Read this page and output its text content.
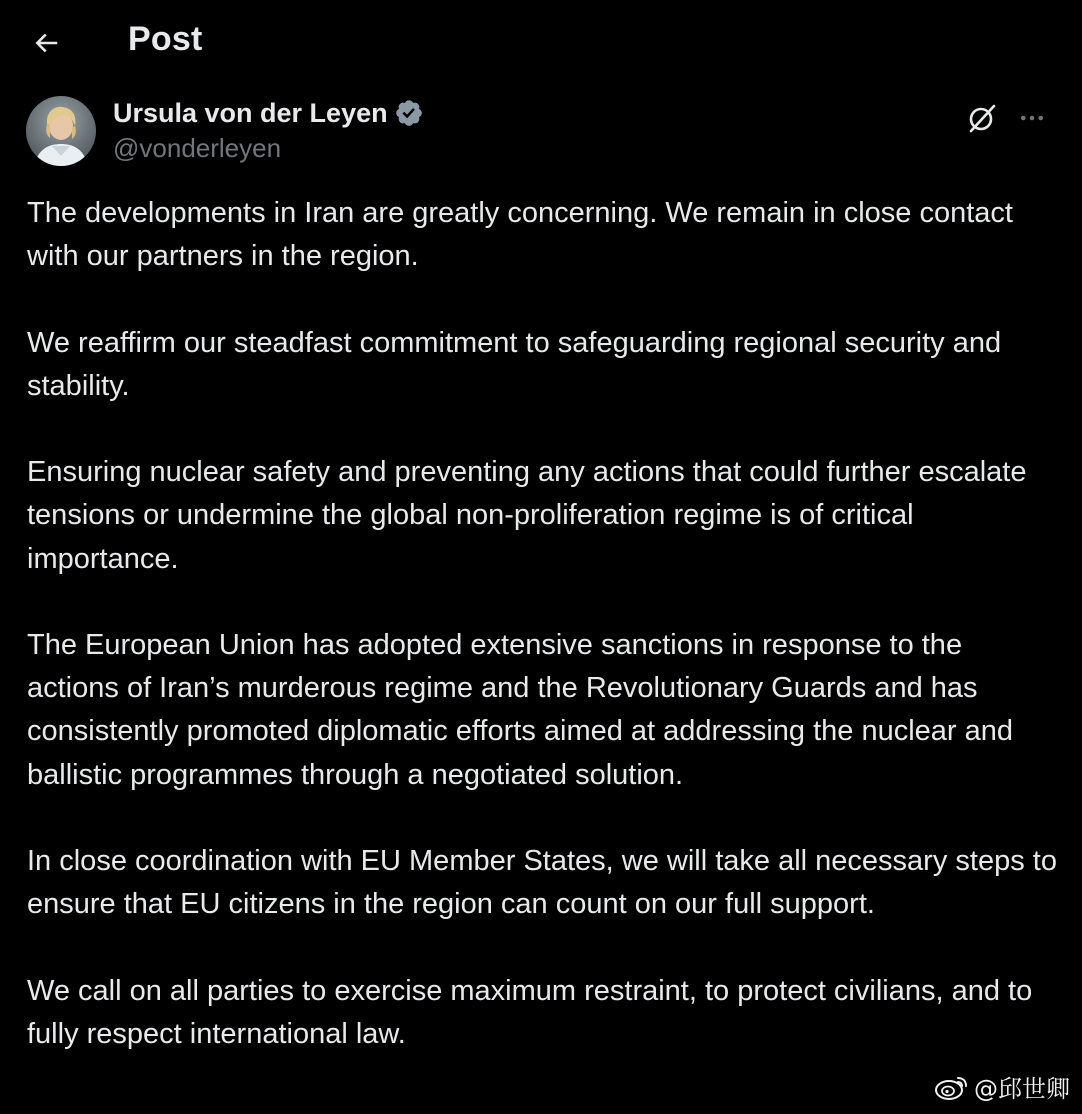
Post
Ursula von der Leyen
@vonderleyen

The developments in Iran are greatly concerning. We remain in close contact with our partners in the region.

We reaffirm our steadfast commitment to safeguarding regional security and stability.

Ensuring nuclear safety and preventing any actions that could further escalate tensions or undermine the global non-proliferation regime is of critical importance.

The European Union has adopted extensive sanctions in response to the actions of Iran’s murderous regime and the Revolutionary Guards and has consistently promoted diplomatic efforts aimed at addressing the nuclear and ballistic programmes through a negotiated solution.

In close coordination with EU Member States, we will take all necessary steps to ensure that EU citizens in the region can count on our full support.

We call on all parties to exercise maximum restraint, to protect civilians, and to fully respect international law.

@邱世卿
